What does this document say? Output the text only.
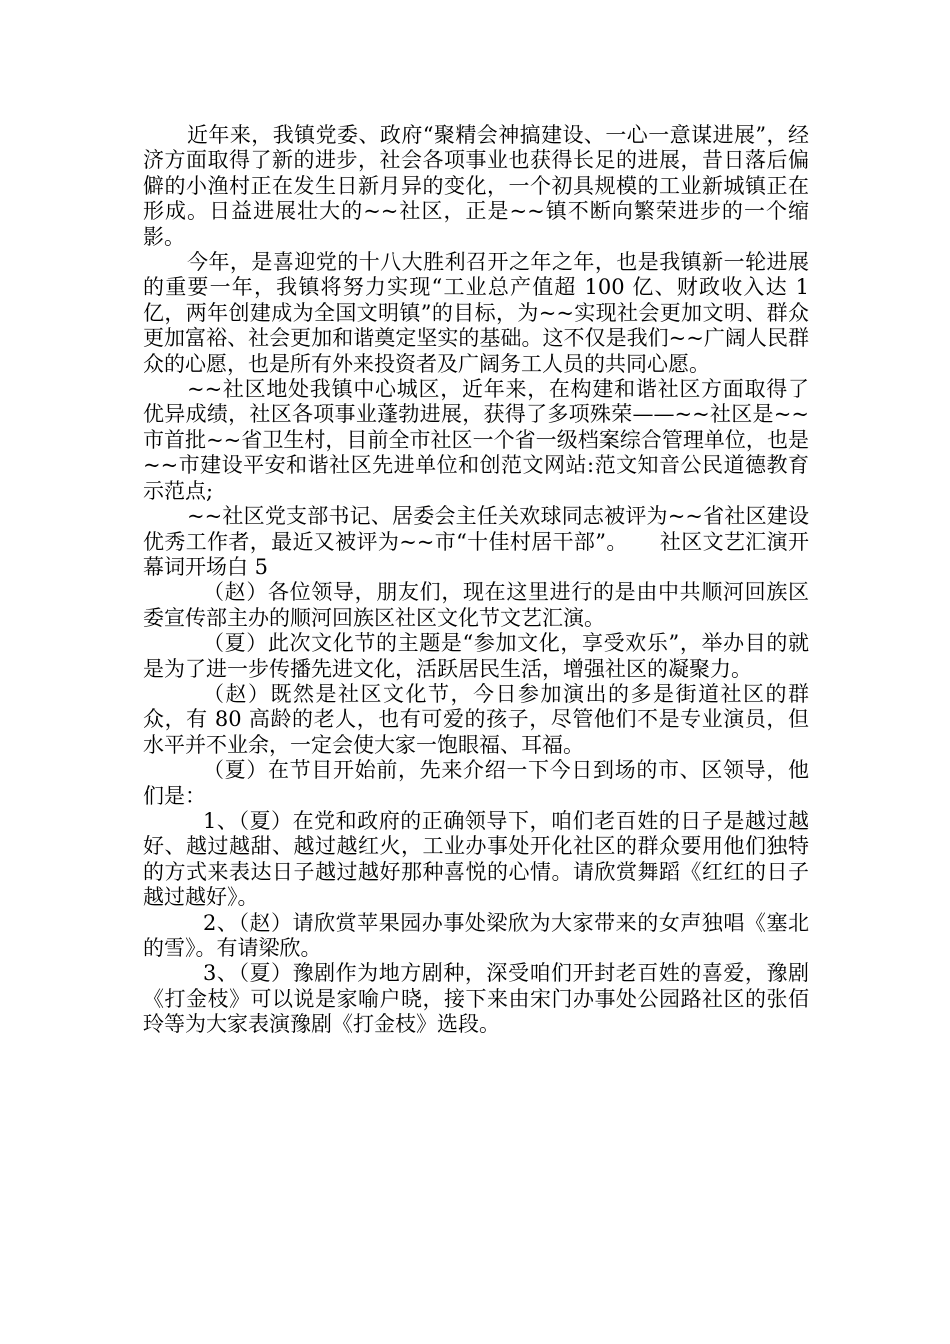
近年来，我镇党委、政府“聚精会神搞建设、一心一意谋进展”，经济方面取得了新的进步，社会各项事业也获得长足的进展，昔日落后偏僻的小渔村正在发生日新月异的变化，一个初具规模的工业新城镇正在形成。日益进展壮大的~~社区，正是~~镇不断向繁荣进步的一个缩影。

今年，是喜迎党的十八大胜利召开之年之年，也是我镇新一轮进展的重要一年，我镇将努力实现“工业总产值超 100 亿、财政收入达 1 亿，两年创建成为全国文明镇”的目标，为~~实现社会更加文明、群众更加富裕、社会更加和谐奠定坚实的基础。这不仅是我们~~广阔人民群众的心愿，也是所有外来投资者及广阔务工人员的共同心愿。

~~社区地处我镇中心城区，近年来，在构建和谐社区方面取得了优异成绩，社区各项事业蓬勃进展，获得了多项殊荣——~~社区是~~市首批~~省卫生村，目前全市社区一个省一级档案综合管理单位，也是~~市建设平安和谐社区先进单位和创范文网站:范文知音公民道德教育示范点;

~~社区党支部书记、居委会主任关欢球同志被评为~~省社区建设优秀工作者，最近又被评为~~市“十佳村居干部”。　　社区文艺汇演开幕词开场白 5

（赵）各位领导，朋友们，现在这里进行的是由中共顺河回族区委宣传部主办的顺河回族区社区文化节文艺汇演。

（夏）此次文化节的主题是“参加文化，享受欢乐”，举办目的就是为了进一步传播先进文化，活跃居民生活，增强社区的凝聚力。

（赵）既然是社区文化节，今日参加演出的多是街道社区的群众，有 80 高龄的老人，也有可爱的孩子，尽管他们不是专业演员，但水平并不业余，一定会使大家一饱眼福、耳福。

（夏）在节目开始前，先来介绍一下今日到场的市、区领导，他们是：

1、（夏）在党和政府的正确领导下，咱们老百姓的日子是越过越好、越过越甜、越过越红火，工业办事处开化社区的群众要用他们独特的方式来表达日子越过越好那种喜悦的心情。请欣赏舞蹈《红红的日子越过越好》。

2、（赵）请欣赏苹果园办事处梁欣为大家带来的女声独唱《塞北的雪》。有请梁欣。

3、（夏）豫剧作为地方剧种，深受咱们开封老百姓的喜爱，豫剧《打金枝》可以说是家喻户晓，接下来由宋门办事处公园路社区的张佰玲等为大家表演豫剧《打金枝》选段。
